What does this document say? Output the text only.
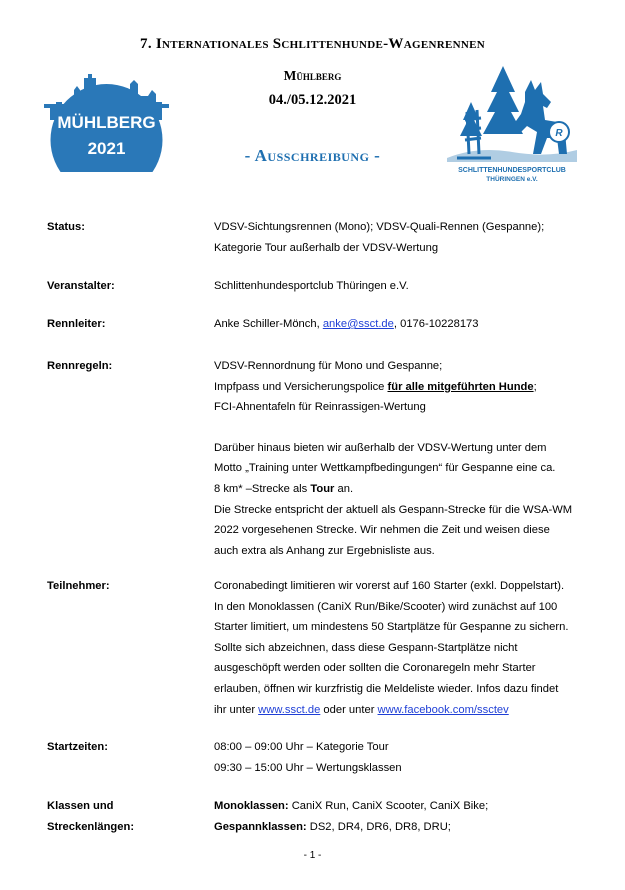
7. Internationales Schlittenhunde-Wagenrennen
Mühlberg
04./05.12.2021
- Ausschreibung -
MÜHLBERG
2021
R
SCHLITTENHUNDESPORTCLUB
THÜRINGEN e.V.
Status:	VDSV-Sichtungsrennen (Mono); VDSV-Quali-Rennen (Gespanne);

Kategorie Tour außerhalb der VDSV-Wertung

Veranstalter:	Schlittenhundesportclub Thüringen e.V.
Rennleiter:	Anke Schiller-Mönch, anke@ssct.de, 0176-10228173
Rennregeln:	VDSV-Rennordnung für Mono und Gespanne;

Impfpass und Versicherungspolice für alle mitgeführten Hunde;

FCI-Ahnentafeln für Reinrassigen-Wertung

Darüber hinaus bieten wir außerhalb der VDSV-Wertung unter dem

Motto „Training unter Wettkampfbedingungen“ für Gespanne eine ca.

8 km* –Strecke als Tour an.

Die Strecke entspricht der aktuell als Gespann-Strecke für die WSA-WM

2022 vorgesehenen Strecke. Wir nehmen die Zeit und weisen diese

auch extra als Anhang zur Ergebnisliste aus.

Teilnehmer:	Coronabedingt limitieren wir vorerst auf 160 Starter (exkl. Doppelstart).

In den Monoklassen (CaniX Run/Bike/Scooter) wird zunächst auf 100

Starter limitiert, um mindestens 50 Startplätze für Gespanne zu sichern.

Sollte sich abzeichnen, dass diese Gespann-Startplätze nicht

ausgeschöpft werden oder sollten die Coronaregeln mehr Starter

erlauben, öffnen wir kurzfristig die Meldeliste wieder. Infos dazu findet

ihr unter www.ssct.de oder unter www.facebook.com/ssctev

Startzeiten:	08:00 – 09:00 Uhr – Kategorie Tour

09:30 – 15:00 Uhr – Wertungsklassen

Klassen und
Streckenlängen:

Monoklassen: CaniX Run, CaniX Scooter, CaniX Bike;

Gespannklassen: DS2, DR4, DR6, DR8, DRU;

- 1 -
